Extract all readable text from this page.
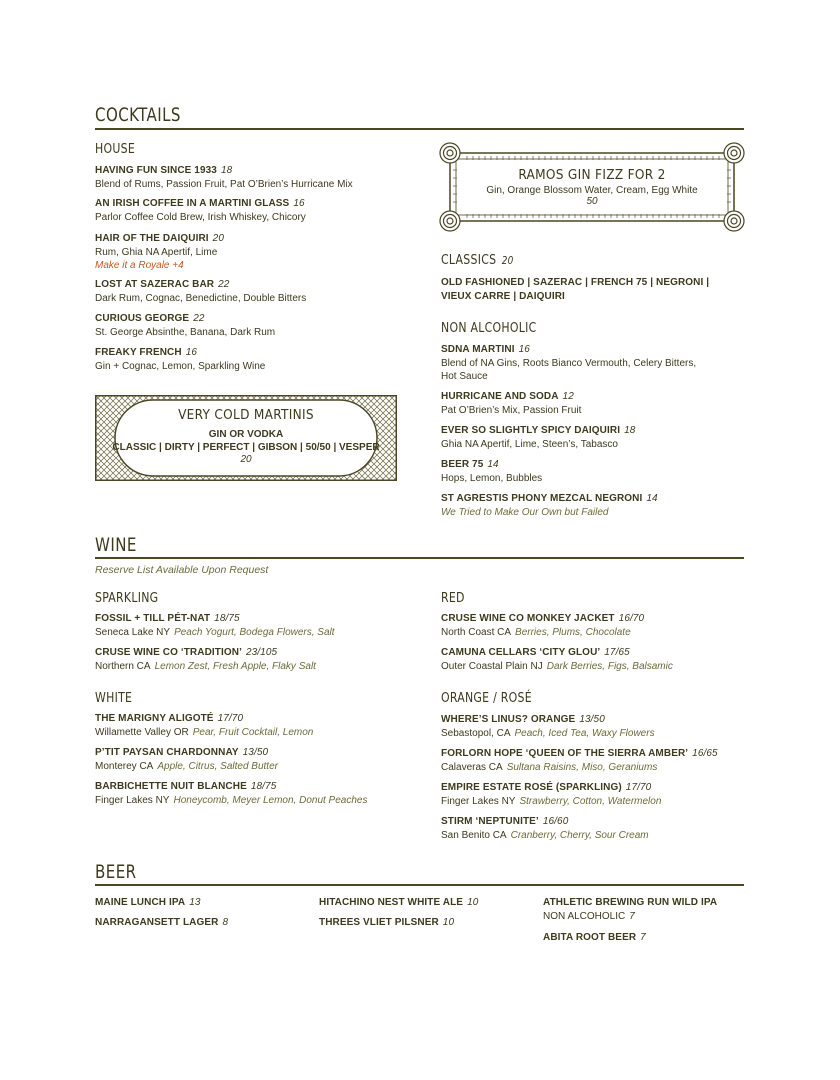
COCKTAILS
HOUSE
HAVING FUN SINCE 1933 18
Blend of Rums, Passion Fruit, Pat O’Brien’s Hurricane Mix
AN IRISH COFFEE IN A MARTINI GLASS 16
Parlor Coffee Cold Brew, Irish Whiskey, Chicory
HAIR OF THE DAIQUIRI 20
Rum, Ghia NA Apertif, Lime
Make it a Royale +4
LOST AT SAZERAC BAR 22
Dark Rum, Cognac, Benedictine, Double Bitters
CURIOUS GEORGE 22
St. George Absinthe, Banana, Dark Rum
FREAKY FRENCH 16
Gin + Cognac, Lemon, Sparkling Wine
VERY COLD MARTINIS
GIN OR VODKA
CLASSIC | DIRTY | PERFECT | GIBSON | 50/50 | VESPER
20
RAMOS GIN FIZZ FOR 2
Gin, Orange Blossom Water, Cream, Egg White
50
CLASSICS 20
OLD FASHIONED | SAZERAC | FRENCH 75 | NEGRONI |
VIEUX CARRE | DAIQUIRI
NON ALCOHOLIC
SDNA MARTINI 16
Blend of NA Gins, Roots Bianco Vermouth, Celery Bitters,
Hot Sauce
HURRICANE AND SODA 12
Pat O’Brien’s Mix, Passion Fruit
EVER SO SLIGHTLY SPICY DAIQUIRI 18
Ghia NA Apertif, Lime, Steen’s, Tabasco
BEER 75 14
Hops, Lemon, Bubbles
ST AGRESTIS PHONY MEZCAL NEGRONI 14
We Tried to Make Our Own but Failed
WINE
Reserve List Available Upon Request
SPARKLING
FOSSIL + TILL PÉT-NAT 18/75
Seneca Lake NY Peach Yogurt, Bodega Flowers, Salt
CRUSE WINE CO ‘TRADITION’ 23/105
Northern CA Lemon Zest, Fresh Apple, Flaky Salt
WHITE
THE MARIGNY ALIGOTÉ 17/70
Willamette Valley OR Pear, Fruit Cocktail, Lemon
P’TIT PAYSAN CHARDONNAY 13/50
Monterey CA Apple, Citrus, Salted Butter
BARBICHETTE NUIT BLANCHE 18/75
Finger Lakes NY Honeycomb, Meyer Lemon, Donut Peaches
RED
CRUSE WINE CO MONKEY JACKET 16/70
North Coast CA Berries, Plums, Chocolate
CAMUNA CELLARS ‘CITY GLOU’ 17/65
Outer Coastal Plain NJ Dark Berries, Figs, Balsamic
ORANGE / ROSÉ
WHERE’S LINUS? ORANGE 13/50
Sebastopol, CA Peach, Iced Tea, Waxy Flowers
FORLORN HOPE ‘QUEEN OF THE SIERRA AMBER’ 16/65
Calaveras CA Sultana Raisins, Miso, Geraniums
EMPIRE ESTATE ROSÉ (SPARKLING) 17/70
Finger Lakes NY Strawberry, Cotton, Watermelon
STIRM ‘NEPTUNITE’ 16/60
San Benito CA Cranberry, Cherry, Sour Cream
BEER
MAINE LUNCH IPA 13
NARRAGANSETT LAGER 8
HITACHINO NEST WHITE ALE 10
THREES VLIET PILSNER 10
ATHLETIC BREWING RUN WILD IPA
NON ALCOHOLIC 7
ABITA ROOT BEER 7
